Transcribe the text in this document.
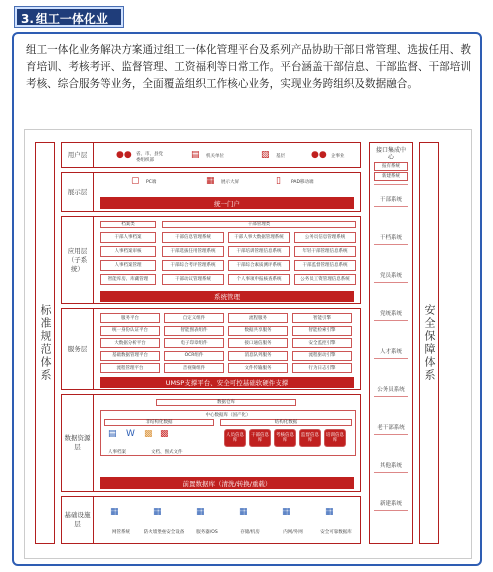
3. 组工一体化业

组工一体化业务解决方案通过组工一体化管理平台及系列产品协助干部日常管理、选拔任用、教育培训、考核考评、监督管理、工资福利等日常工作。平台涵盖干部信息、干部监督、干部培训考核、综合服务等业务，全面覆盖组织工作核心业务，实现业务跨组织及数据融合。

标准规范体系
用户层	●● 省、市、县党委组织部
▤ 机关单位	▧ 基层	●● 企事业
展示层
▢ PC端	▦ 展示大屏	▯ PAD移动端
统一门户
应用层（子系统）
档案类	干部管理类
系统管理
干部人事档案	干部信息管理系统	干部人事大数据管理系统	公务员信息管理系统
人事档案审核	干部选拔任用管理系统	干部培训管理信息系统	年轻干部管理信息系统
人事档案管理	干部综合考评管理系统	干部综合素质测评系统	干部监督管理信息系统
智能库房、库藏管理	干部动议管理系统	个人事项申报核查系统	公务员工资管理信息系统
服务层
UMSP支撑平台、安全可控基础软硬件支撑
服务平台	自定义组件	流程服务	智能引擎
统一身份认证平台	智能图表组件	数据共享服务	智能检索引擎
大数据分析平台	电子印章组件	接口通信服务	安全监控引擎
基础数据管理平台	OCR组件	消息队列服务	流程驱动引擎
流程管理平台	音视频组件	文件传输服务	行为日志引擎
数据资源层
数据仓库
中心数据库（国产化）
非结构化数据	结构化数据
▤ W ▩ ▩
人事档案	文档、图式文件
人员信息库
干部信息库
考核信息库
监督信息库
培训信息库
前置数据库（清洗/转换/重载）
基础设施层
▦
网管系统
▦
防火墙堡垒安全设备
▦
服务器/OS
▦
存储/机房
▦
内网/外网
▦
安全可靠数据库
接口集成中心
报有系统
新建系统
干部系统
干档系统
党员系统
党统系统
人才系统
公务员系统
老干部系统
其他系统
新建系统
安全保障体系
